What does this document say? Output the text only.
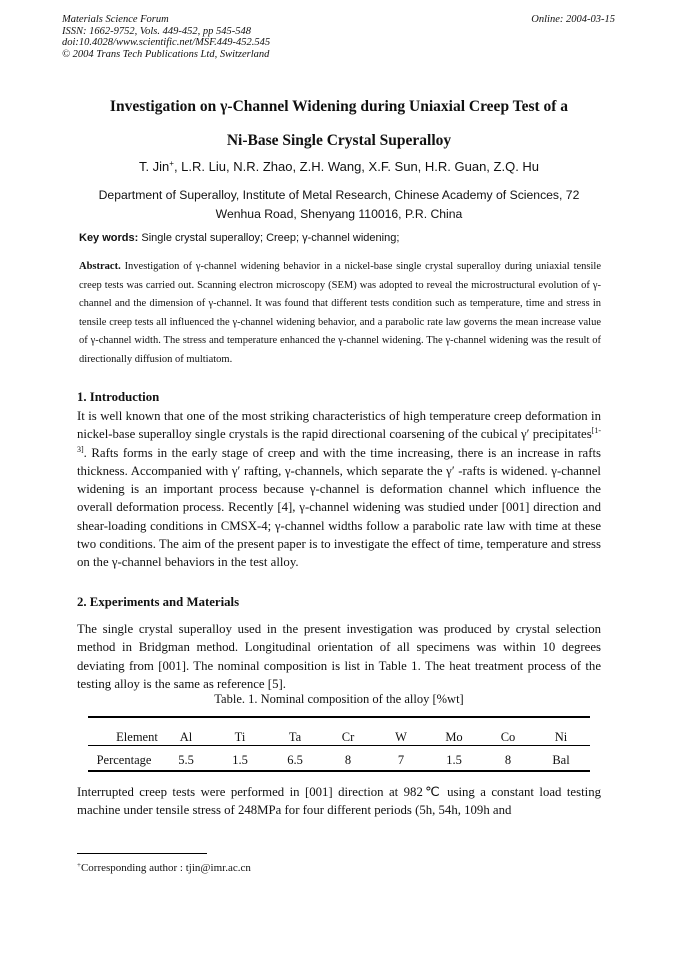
Materials Science Forum
ISSN: 1662-9752, Vols. 449-452, pp 545-548
doi:10.4028/www.scientific.net/MSF.449-452.545
© 2004 Trans Tech Publications Ltd, Switzerland
Online: 2004-03-15
Investigation on γ-Channel Widening during Uniaxial Creep Test of a
Ni-Base Single Crystal Superalloy
T. Jin+, L.R. Liu, N.R. Zhao, Z.H. Wang, X.F. Sun, H.R. Guan, Z.Q. Hu
Department of Superalloy, Institute of Metal Research, Chinese Academy of Sciences, 72
Wenhua Road, Shenyang 110016, P.R. China
Key words: Single crystal superalloy; Creep; γ-channel widening;
Abstract. Investigation of γ-channel widening behavior in a nickel-base single crystal superalloy during uniaxial tensile creep tests was carried out. Scanning electron microscopy (SEM) was adopted to reveal the microstructural evolution of γ-channel and the dimension of γ-channel. It was found that different tests condition such as temperature, time and stress in tensile creep tests all influenced the γ-channel widening behavior, and a parabolic rate law governs the mean increase value of γ-channel width. The stress and temperature enhanced the γ-channel widening. The γ-channel widening was the result of directionally diffusion of multiatom.
1. Introduction
It is well known that one of the most striking characteristics of high temperature creep deformation in nickel-base superalloy single crystals is the rapid directional coarsening of the cubical γ′ precipitates[1-3]. Rafts forms in the early stage of creep and with the time increasing, there is an increase in rafts thickness. Accompanied with γ′ rafting, γ-channels, which separate the γ′ -rafts is widened. γ-channel widening is an important process because γ-channel is deformation channel which influence the overall deformation process. Recently [4], γ-channel widening was studied under [001] direction and shear-loading conditions in CMSX-4; γ-channel widths follow a parabolic rate law with time at these two conditions. The aim of the present paper is to investigate the effect of time, temperature and stress on the γ-channel behaviors in the test alloy.
2. Experiments and Materials
The single crystal superalloy used in the present investigation was produced by crystal selection method in Bridgman method. Longitudinal orientation of all specimens was within 10 degrees deviating from [001]. The nominal composition is list in Table 1. The heat treatment process of the testing alloy is the same as reference [5].
Table. 1. Nominal composition of the alloy [%wt]
Element Al	Ti	Ta	Cr	W	Mo	Co	Ni
Percentage 5.5	1.5	6.5	8	7	1.5	8	Bal
Interrupted creep tests were performed in [001] direction at 982℃ using a constant load testing machine under tensile stress of 248MPa for four different periods (5h, 54h, 109h and
+Corresponding author : tjin@imr.ac.cn
